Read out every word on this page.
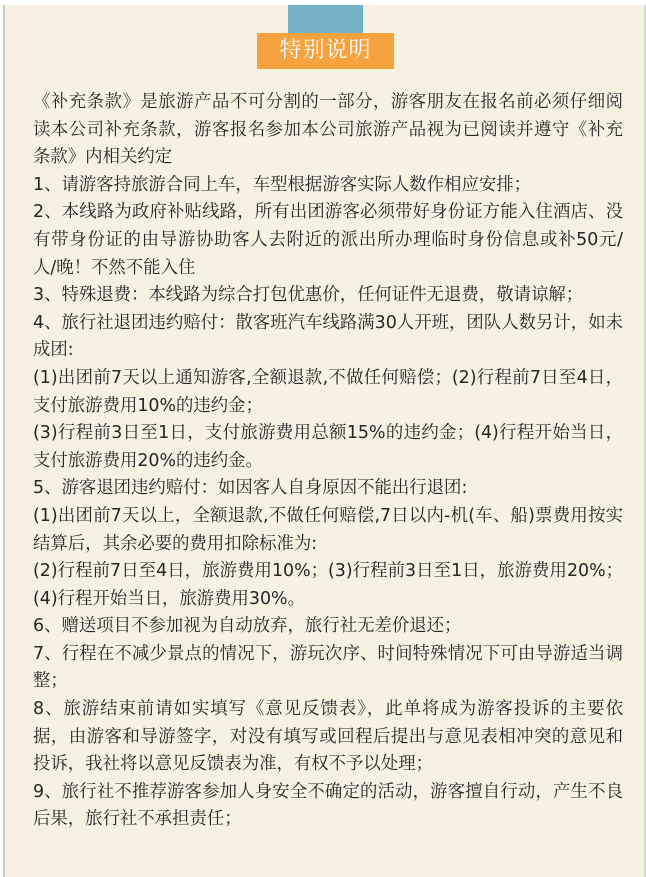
特别说明

《补充条款》是旅游产品不可分割的一部分，游客朋友在报名前必须仔细阅读本公司补充条款，游客报名参加本公司旅游产品视为已阅读并遵守《补充条款》内相关约定

1、请游客持旅游合同上车，车型根据游客实际人数作相应安排；

2、本线路为政府补贴线路，所有出团游客必须带好身份证方能入住酒店、没有带身份证的由导游协助客人去附近的派出所办理临时身份信息或补50元/人/晚！不然不能入住

3、特殊退费：本线路为综合打包优惠价，任何证件无退费，敬请谅解；

4、旅行社退团违约赔付：散客班汽车线路满30人开班，团队人数另计，如未成团:

(1)出团前7天以上通知游客,全额退款,不做任何赔偿；(2)行程前7日至4日，支付旅游费用10%的违约金；

(3)行程前3日至1日，支付旅游费用总额15%的违约金；(4)行程开始当日，支付旅游费用20%的违约金。

5、游客退团违约赔付：如因客人自身原因不能出行退团:

(1)出团前7天以上，全额退款,不做任何赔偿,7日以内-机(车、船)票费用按实结算后，其余必要的费用扣除标准为:

(2)行程前7日至4日，旅游费用10%；(3)行程前3日至1日，旅游费用20%；(4)行程开始当日，旅游费用30%。

6、赠送项目不参加视为自动放弃，旅行社无差价退还；

7、行程在不减少景点的情况下，游玩次序、时间特殊情况下可由导游适当调整；

8、旅游结束前请如实填写《意见反馈表》，此单将成为游客投诉的主要依据，由游客和导游签字，对没有填写或回程后提出与意见表相冲突的意见和投诉，我社将以意见反馈表为准，有权不予以处理；

9、旅行社不推荐游客参加人身安全不确定的活动，游客擅自行动，产生不良后果，旅行社不承担责任；
